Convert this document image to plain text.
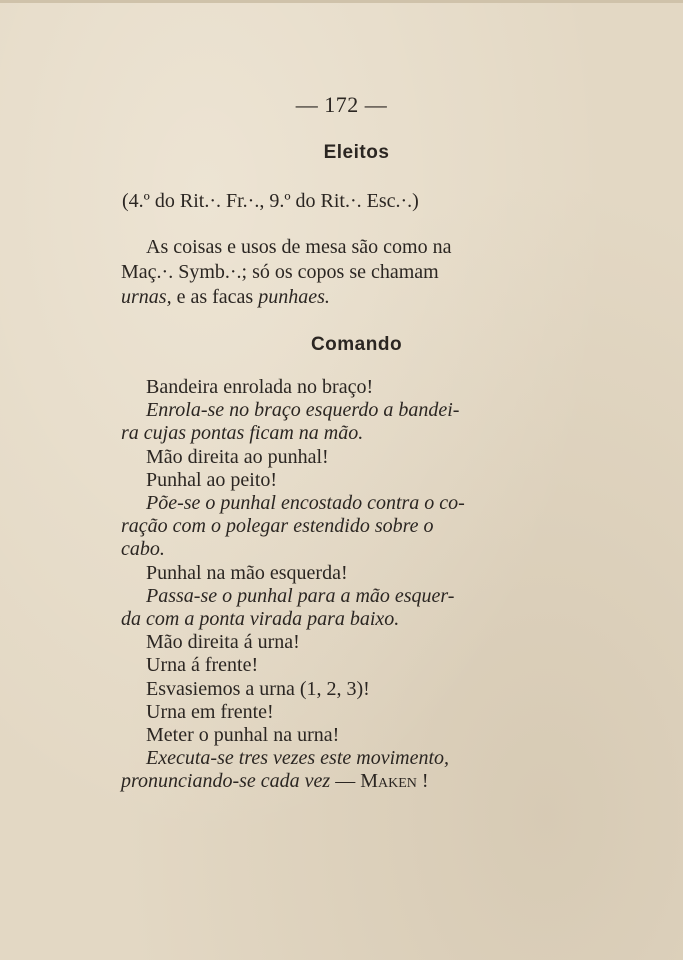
— 172 —
Eleitos
(4.º do Rit.·. Fr.·., 9.º do Rit.·. Esc.·.)
As coisas e usos de mesa são como na
Maç.·. Symb.·.; só os copos se chamam
urnas, e as facas punhaes.
Comando
Bandeira enrolada no braço!
Enrola-se no braço esquerdo a bandei-
ra cujas pontas ficam na mão.
Mão direita ao punhal!
Punhal ao peito!
Põe-se o punhal encostado contra o co-
ração com o polegar estendido sobre o
cabo.
Punhal na mão esquerda!
Passa-se o punhal para a mão esquer-
da com a ponta virada para baixo.
Mão direita á urna!
Urna á frente!
Esvasiemos a urna (1, 2, 3)!
Urna em frente!
Meter o punhal na urna!
Executa-se tres vezes este movimento,
pronunciando-se cada vez — Maken !
